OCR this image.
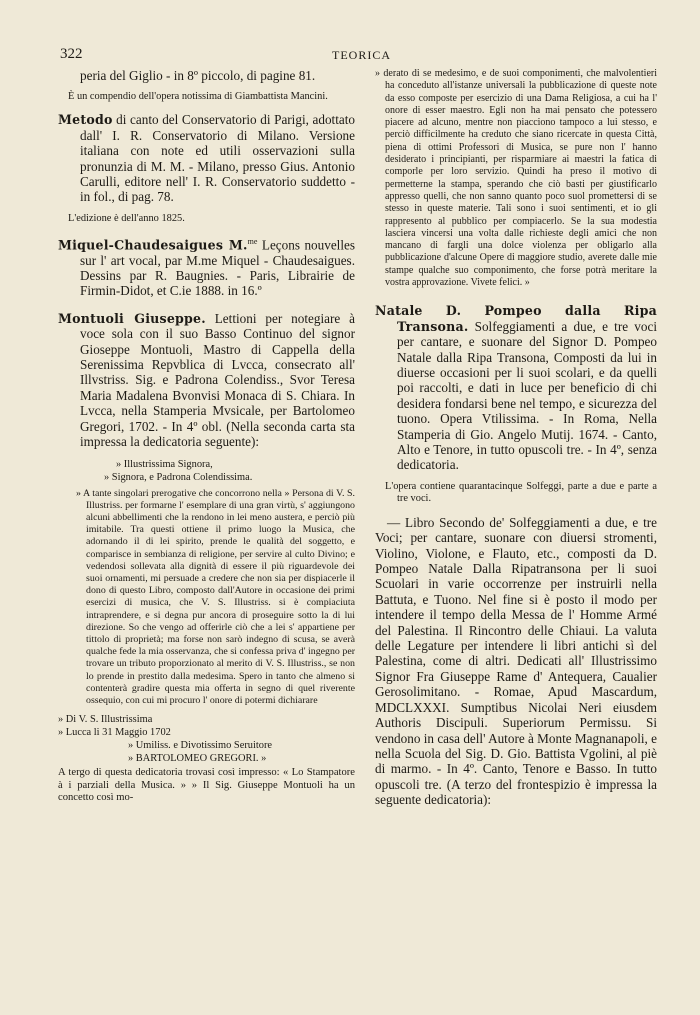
322	TEORICA

peria del Giglio - in 8º piccolo, di pagine 81.

È un compendio dell'opera notissima di Giambattista Mancini.

Metodo di canto del Conservatorio di Parigi, adottato dall' I. R. Conservatorio di Milano. Versione italiana con note ed utili osservazioni sulla pronunzia di M. M. - Milano, presso Gius. Antonio Carulli, editore nell' I. R. Conservatorio suddetto - in fol., di pag. 78.

L'edizione è dell'anno 1825.

Miquel-Chaudesaigues M.$^{me}$ Leçons nouvelles sur l' art vocal, par M.me Miquel - Chaudesaigues. Dessins par R. Baugnies. - Paris, Librairie de Firmin-Didot, et C.ie 1888. in 16.º

Montuoli Giuseppe. Lettioni per notegiare à voce sola con il suo Basso Continuo del signor Gioseppe Montuoli, Mastro di Cappella della Serenissima Repvblica di Lvcca, consecrato all' Illvstriss. Sig. e Padrona Colendiss., Svor Teresa Maria Madalena Bvonvisi Monaca di S. Chiara. In Lvcca, nella Stamperia Mvsicale, per Bartolomeo Gregori, 1702. - In 4º obl. (Nella seconda carta sta impressa la dedicatoria seguente):

» Illustrissima Signora,

» Signora, e Padrona Colendissima.

» A tante singolari prerogative che concorrono nella » Persona di V. S. Illustriss. per formarne l' esemplare di una gran virtù, s' aggiungono alcuni abbellimenti che la rendono in lei meno austera, e perciò più imitabile. Tra questi ottiene il primo luogo la Musica, che adornando il di lei spirito, prende le qualità del soggetto, e comparisce in sembianza di religione, per servire al culto Divino; e vedendosi sollevata alla dignità di essere il più riguardevole dei suoi ornamenti, mi persuade a credere che non sia per dispiacerle il dono di questo Libro, composto dall'Autore in occasione dei primi esercizi di musica, che V. S. Illustriss. si è compiaciuta intraprendere, e si degna pur ancora di proseguire sotto la di lui direzione. So che vengo ad offerirle ciò che a lei s' appartiene per tittolo di proprietà; ma forse non sarò indegno di scusa, se averà qualche fede la mia osservanza, che si confessa priva d' ingegno per trovare un tributo proporzionato al merito di V. S. Illustriss., se non lo prende in prestito dalla medesima. Spero in tanto che almeno si contenterà gradire questa mia offerta in segno di quel riverente ossequio, con cui mi procuro l' onore di potermi dichiarare

» Di V. S. Illustrissima

» Lucca li 31 Maggio 1702

» Umiliss. e Divotissimo Seruitore

» BARTOLOMEO GREGORI. »

A tergo di questa dedicatoria trovasi così impresso: « Lo Stampatore à i parziali della Musica. » » Il Sig. Giuseppe Montuoli ha un concetto così mo-

» derato di se medesimo, e de suoi componimenti, che malvolentieri ha conceduto all'istanze universali la pubblicazione di queste note da esso composte per esercizio di una Dama Religiosa, a cui ha l' onore di esser maestro. Egli non ha mai pensato che potessero piacere ad alcuno, mentre non piacciono tampoco a lui stesso, e perciò difficilmente ha creduto che siano ricercate in questa Città, piena di ottimi Professori di Musica, se pure non l' hanno desiderato i principianti, per risparmiare ai maestri la fatica di comporle per loro servizio. Quindi ha preso il motivo di permetterne la stampa, sperando che ciò basti per giustificarlo appresso quelli, che non sanno quanto poco suol promettersi di se stesso in queste materie. Tali sono i suoi sentimenti, et io gli rappresento al pubblico per compiacerlo. Se la sua modestia lasciera vincersi una volta dalle richieste degli amici che non mancano di fargli una dolce violenza per obligarlo alla pubblicazione d'alcune Opere di maggiore studio, averete dalle mie stampe qualche suo componimento, che forse potrà meritare la vostra approvazione. Vivete felici. »

Natale D. Pompeo dalla Ripa Transona. Solfeggiamenti a due, e tre voci per cantare, e suonare del Signor D. Pompeo Natale dalla Ripa Transona, Composti da lui in diuerse occasioni per li suoi scolari, e da quelli poi raccolti, e dati in luce per beneficio di chi desidera fondarsi bene nel tempo, e sicurezza del tuono. Opera Vtilissima. - In Roma, Nella Stamperia di Gio. Angelo Mutij. 1674. - Canto, Alto e Tenore, in tutto opuscoli tre. - In 4º, senza dedicatoria.

L'opera contiene quarantacinque Solfeggi, parte a due e parte a tre voci.

— Libro Secondo de' Solfeggiamenti a due, e tre Voci; per cantare, suonare con diuersi stromenti, Violino, Violone, e Flauto, etc., composti da D. Pompeo Natale Dalla Ripatransona per li suoi Scuolari in varie occorrenze per instruirli nella Battuta, e Tuono. Nel fine si è posto il modo per intendere il tempo della Messa de l' Homme Armé del Palestina. Il Rincontro delle Chiaui. La valuta delle Legature per intendere li libri antichi sì del Palestina, come di altri. Dedicati all' Illustrissimo Signor Fra Giuseppe Rame d' Antequera, Caualier Gerosolimitano. - Romae, Apud Mascardum, MDCLXXXI. Sumptibus Nicolai Neri eiusdem Authoris Discipuli. Superiorum Permissu. Si vendono in casa dell' Autore à Monte Magnanapoli, e nella Scuola del Sig. D. Gio. Battista Vgolini, al piè di marmo. - In 4º. Canto, Tenore e Basso. In tutto opuscoli tre. (A terzo del frontespizio è impressa la seguente dedicatoria):
